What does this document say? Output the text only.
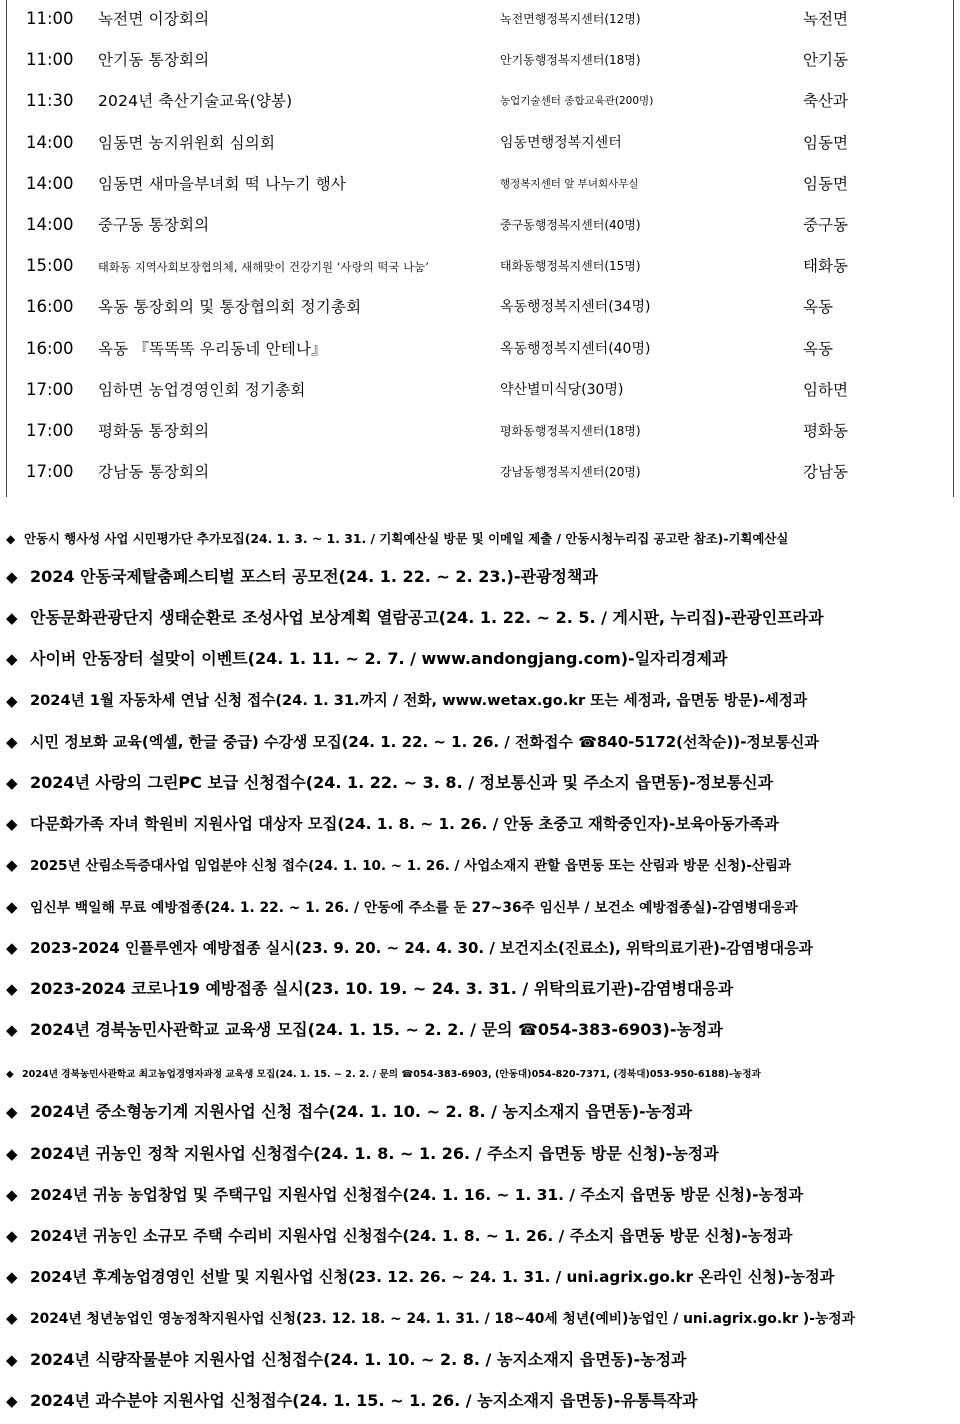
11:00 녹전면 이장회의	녹전면행정복지센터(12명)	녹전면
11:00 안기동 통장회의	안기동행정복지센터(18명)	안기동
11:30 2024년 축산기술교육(양봉)	농업기술센터 종합교육관(200명)	축산과
14:00 임동면 농지위원회 심의회	임동면행정복지센터	임동면
14:00 임동면 새마을부녀회 떡 나누기 행사	행정복지센터 앞 부녀회사무실	임동면
14:00 중구동 통장회의	중구동행정복지센터(40명)	중구동
15:00 태화동 지역사회보장협의체, 새해맞이 건강기원 ‘사랑의 떡국 나눔’	태화동행정복지센터(15명)	태화동
16:00 옥동 통장회의 및 통장협의회 정기총회	옥동행정복지센터(34명)	옥동
16:00 옥동 『똑똑똑 우리동네 안테나』	옥동행정복지센터(40명)	옥동
17:00 임하면 농업경영인회 정기총회	약산별미식당(30명)	임하면
17:00 평화동 통장회의	평화동행정복지센터(18명)	평화동
17:00 강남동 통장회의	강남동행정복지센터(20명)	강남동
◆ 안동시 행사성 사업 시민평가단 추가모집(24. 1. 3. ~ 1. 31. / 기획예산실 방문 및 이메일 제출 / 안동시청누리집 공고란 참조)-기획예산실
◆ 2024 안동국제탈춤페스티벌 포스터 공모전(24. 1. 22. ~ 2. 23.)-관광정책과
◆ 안동문화관광단지 생태순환로 조성사업 보상계획 열람공고(24. 1. 22. ~ 2. 5. / 게시판, 누리집)-관광인프라과
◆ 사이버 안동장터 설맞이 이벤트(24. 1. 11. ~ 2. 7. / www.andongjang.com)-일자리경제과
◆ 2024년 1월 자동차세 연납 신청 접수(24. 1. 31.까지 / 전화, www.wetax.go.kr 또는 세정과, 읍면동 방문)-세정과
◆ 시민 정보화 교육(엑셀, 한글 중급) 수강생 모집(24. 1. 22. ~ 1. 26. / 전화접수 ☎840-5172(선착순))-정보통신과
◆ 2024년 사랑의 그린PC 보급 신청접수(24. 1. 22. ~ 3. 8. / 정보통신과 및 주소지 읍면동)-정보통신과
◆ 다문화가족 자녀 학원비 지원사업 대상자 모집(24. 1. 8. ~ 1. 26. / 안동 초중고 재학중인자)-보육아동가족과
◆ 2025년 산림소득증대사업 임업분야 신청 접수(24. 1. 10. ~ 1. 26. / 사업소재지 관할 읍면동 또는 산림과 방문 신청)-산림과
◆ 임신부 백일해 무료 예방접종(24. 1. 22. ~ 1. 26. / 안동에 주소를 둔 27~36주 임신부 / 보건소 예방접종실)-감염병대응과
◆ 2023-2024 인플루엔자 예방접종 실시(23. 9. 20. ~ 24. 4. 30. / 보건지소(진료소), 위탁의료기관)-감염병대응과
◆ 2023-2024 코로나19 예방접종 실시(23. 10. 19. ~ 24. 3. 31. / 위탁의료기관)-감염병대응과
◆ 2024년 경북농민사관학교 교육생 모집(24. 1. 15. ~ 2. 2. / 문의 ☎054-383-6903)-농정과
◆ 2024년 경북농민사관학교 최고농업경영자과정 교육생 모집(24. 1. 15. ~ 2. 2. / 문의 ☎054-383-6903, (안동대)054-820-7371, (경북대)053-950-6188)-농정과
◆ 2024년 중소형농기계 지원사업 신청 접수(24. 1. 10. ~ 2. 8. / 농지소재지 읍면동)-농정과
◆ 2024년 귀농인 정착 지원사업 신청접수(24. 1. 8. ~ 1. 26. / 주소지 읍면동 방문 신청)-농정과
◆ 2024년 귀농 농업창업 및 주택구입 지원사업 신청접수(24. 1. 16. ~ 1. 31. / 주소지 읍면동 방문 신청)-농정과
◆ 2024년 귀농인 소규모 주택 수리비 지원사업 신청접수(24. 1. 8. ~ 1. 26. / 주소지 읍면동 방문 신청)-농정과
◆ 2024년 후계농업경영인 선발 및 지원사업 신청(23. 12. 26. ~ 24. 1. 31. / uni.agrix.go.kr 온라인 신청)-농정과
◆ 2024년 청년농업인 영농정착지원사업 신청(23. 12. 18. ~ 24. 1. 31. / 18~40세 청년(예비)농업인 / uni.agrix.go.kr )-농정과
◆ 2024년 식량작물분야 지원사업 신청접수(24. 1. 10. ~ 2. 8. / 농지소재지 읍면동)-농정과
◆ 2024년 과수분야 지원사업 신청접수(24. 1. 15. ~ 1. 26. / 농지소재지 읍면동)-유통특작과
